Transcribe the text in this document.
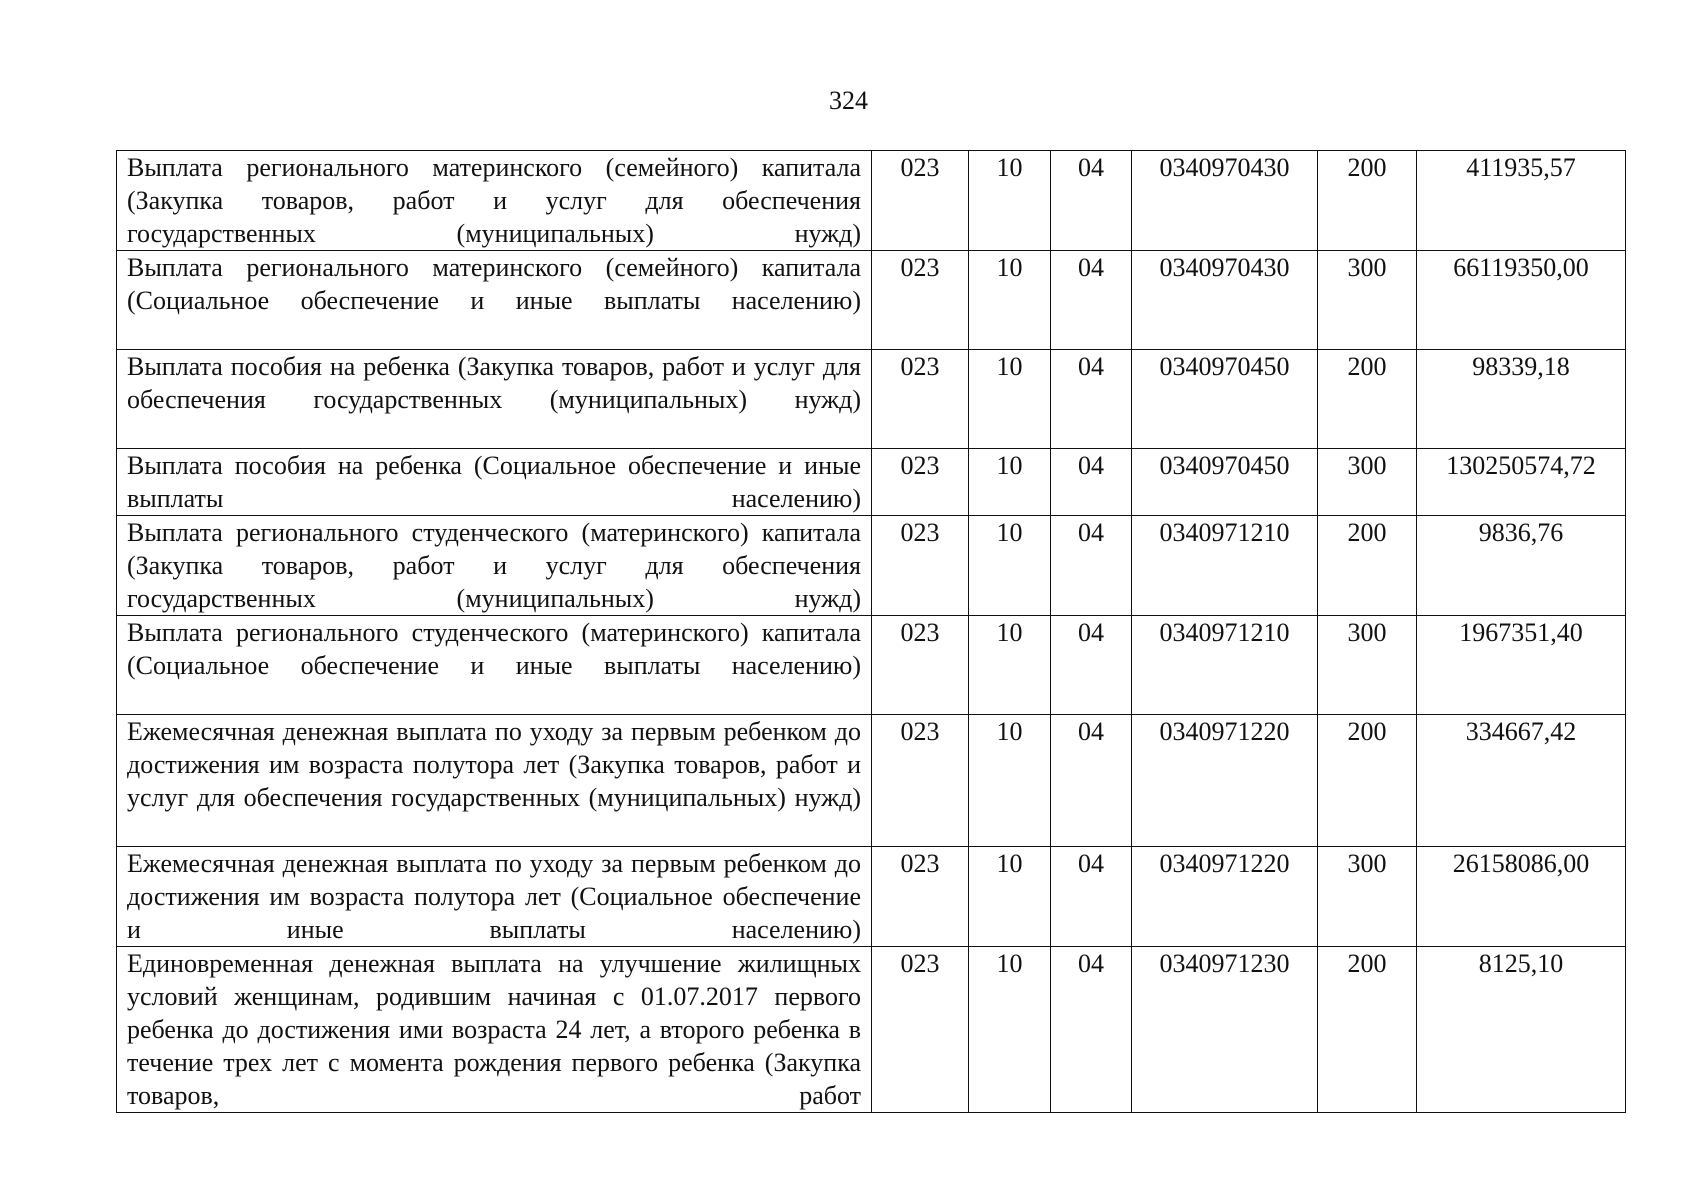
324
Выплата регионального материнского (семейного) капитала (Закупка товаров, работ и услуг для обеспечения государственных (муниципальных) нужд)	023	10	04	0340970430	200	411935,57
Выплата регионального материнского (семейного) капитала (Социальное обеспечение и иные выплаты населению)	023	10	04	0340970430	300	66119350,00
Выплата пособия на ребенка (Закупка товаров, работ и услуг для обеспечения государственных (муниципальных) нужд)	023	10	04	0340970450	200	98339,18
Выплата пособия на ребенка (Социальное обеспечение и иные выплаты населению)	023	10	04	0340970450	300	130250574,72
Выплата регионального студенческого (материнского) капитала (Закупка товаров, работ и услуг для обеспечения государственных (муниципальных) нужд)	023	10	04	0340971210	200	9836,76
Выплата регионального студенческого (материнского) капитала (Социальное обеспечение и иные выплаты населению)	023	10	04	0340971210	300	1967351,40
Ежемесячная денежная выплата по уходу за первым ребенком до достижения им возраста полутора лет (Закупка товаров, работ и услуг для обеспечения государственных (муниципальных) нужд)	023	10	04	0340971220	200	334667,42
Ежемесячная денежная выплата по уходу за первым ребенком до достижения им возраста полутора лет (Социальное обеспечение и иные выплаты населению)	023	10	04	0340971220	300	26158086,00

Единовременная денежная выплата на улучшение жилищных условий женщинам, родившим начиная с 01.07.2017 первого ребенка до достижения ими возраста 24 лет, а второго ребенка в течение трех лет с момента рождения первого ребенка (Закупка товаров, работ	023	10	04	0340971230	200	8125,10
